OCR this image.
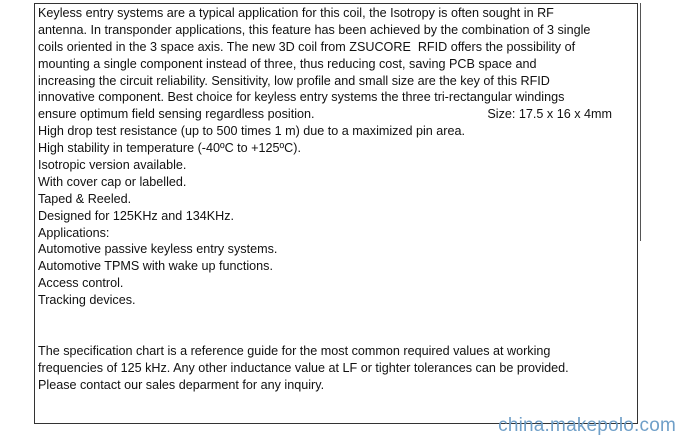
Keyless entry systems are a typical application for this coil, the Isotropy is often sought in RF
antenna. In transponder applications, this feature has been achieved by the combination of 3 single
coils oriented in the 3 space axis. The new 3D coil from ZSUCORE  RFID offers the possibility of
mounting a single component instead of three, thus reducing cost, saving PCB space and
increasing the circuit reliability. Sensitivity, low profile and small size are the key of this RFID
innovative component. Best choice for keyless entry systems the three tri-rectangular windings
ensure optimum field sensing regardless position.	Size: 17.5 x 16 x 4mm
High drop test resistance (up to 500 times 1 m) due to a maximized pin area.
High stability in temperature (-40ºC to +125ºC).
Isotropic version available.
With cover cap or labelled.
Taped & Reeled.
Designed for 125KHz and 134KHz.
Applications:
Automotive passive keyless entry systems.
Automotive TPMS with wake up functions.
Access control.
Tracking devices.
The specification chart is a reference guide for the most common required values at working
frequencies of 125 kHz. Any other inductance value at LF or tighter tolerances can be provided.
Please contact our sales deparment for any inquiry.
china.makepolo.com
